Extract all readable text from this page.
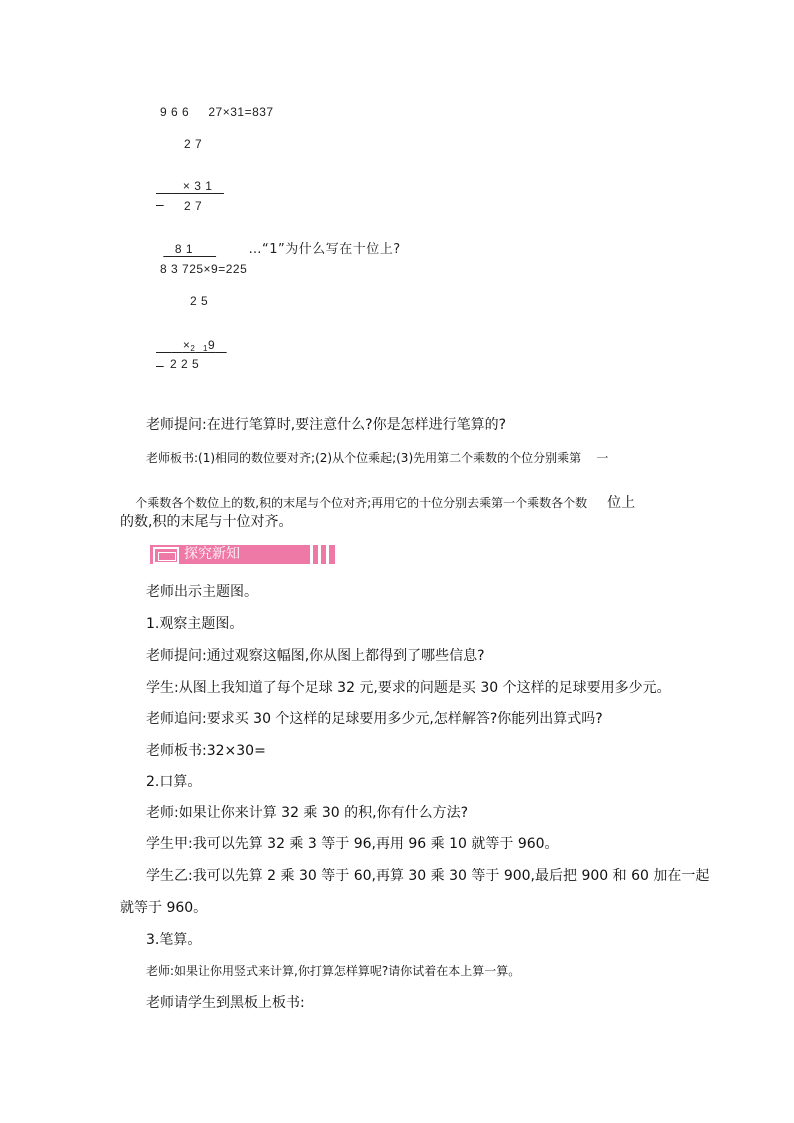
9 6 6     27×31=837
2 7

× 3 1

2 7

8 1	…“1”为什么写在十位上?

8 3 725×9=225
2 5

$\times_2$ $_1$9

2 2 5
老师提问:在进行笔算时,要注意什么?你是怎样进行笔算的?
老师板书:(1)相同的数位要对齐;(2)从个位乘起;(3)先用第二个乘数的个位分别乘第    一

个乘数各个数位上的数,积的末尾与个位对齐;再用它的十位分别去乘第一个乘数各个数 位上

的数,积的末尾与十位对齐。
探究新知
老师出示主题图。
1.观察主题图。
老师提问:通过观察这幅图,你从图上都得到了哪些信息?
学生:从图上我知道了每个足球 32 元,要求的问题是买 30 个这样的足球要用多少元。
老师追问:要求买 30 个这样的足球要用多少元,怎样解答?你能列出算式吗?
老师板书:32×30=
2.口算。
老师:如果让你来计算 32 乘 30 的积,你有什么方法?
学生甲:我可以先算 32 乘 3 等于 96,再用 96 乘 10 就等于 960。
学生乙:我可以先算 2 乘 30 等于 60,再算 30 乘 30 等于 900,最后把 900 和 60 加在一起
就等于 960。
3.笔算。
老师:如果让你用竖式来计算,你打算怎样算呢?请你试着在本上算一算。
老师请学生到黑板上板书:
